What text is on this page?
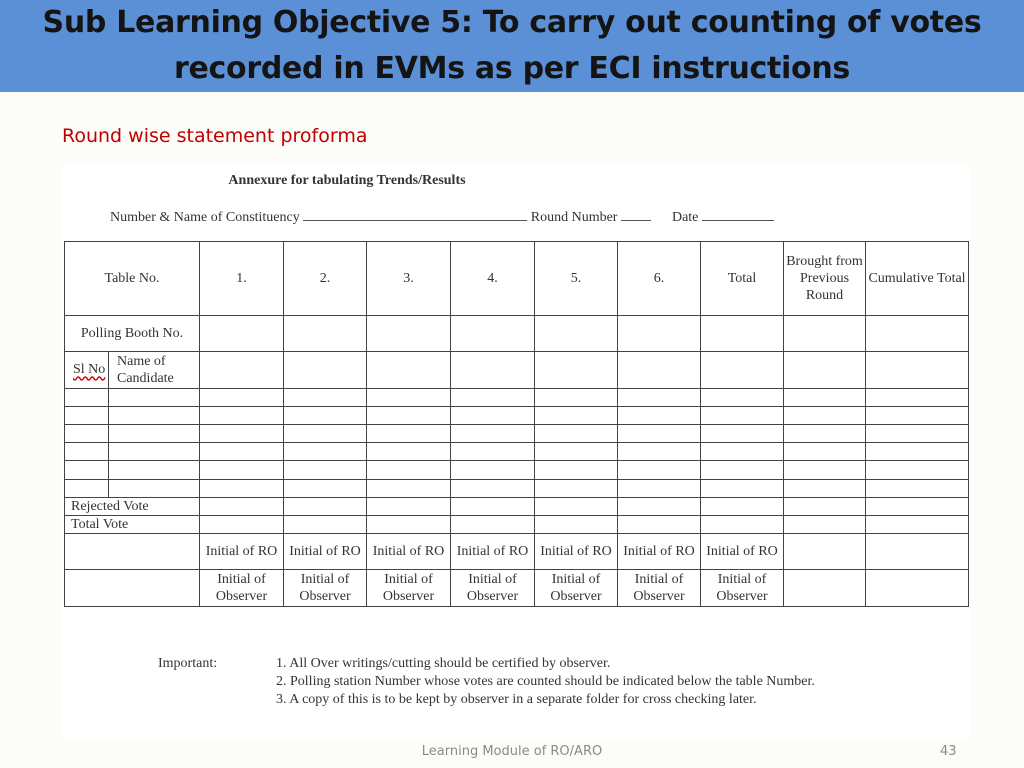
Sub Learning Objective 5: To carry out counting of votes
recorded in EVMs as per ECI instructions
Round wise statement proforma
Annexure for tabulating Trends/Results
Number & Name of Constituency	Round Number	Date
Table No.		1.	2.	3.	4.	5.	6.	Total	Brought from Previous Round	Cumulative Total
Polling Booth No.										
Sl No	Name of Candidate									

Rejected Vote										
Total Vote										
		Initial of RO	Initial of RO	Initial of RO	Initial of RO	Initial of RO	Initial of RO	Initial of RO		
		Initial of Observer	Initial of Observer	Initial of Observer	Initial of Observer	Initial of Observer	Initial of Observer	Initial of Observer		
Important:	1. All Over writings/cutting should be certified by observer.
2. Polling station Number whose votes are counted should be indicated below the table Number.
3. A copy of this is to be kept by observer in a separate folder for cross checking later.
Learning Module of RO/ARO	43
